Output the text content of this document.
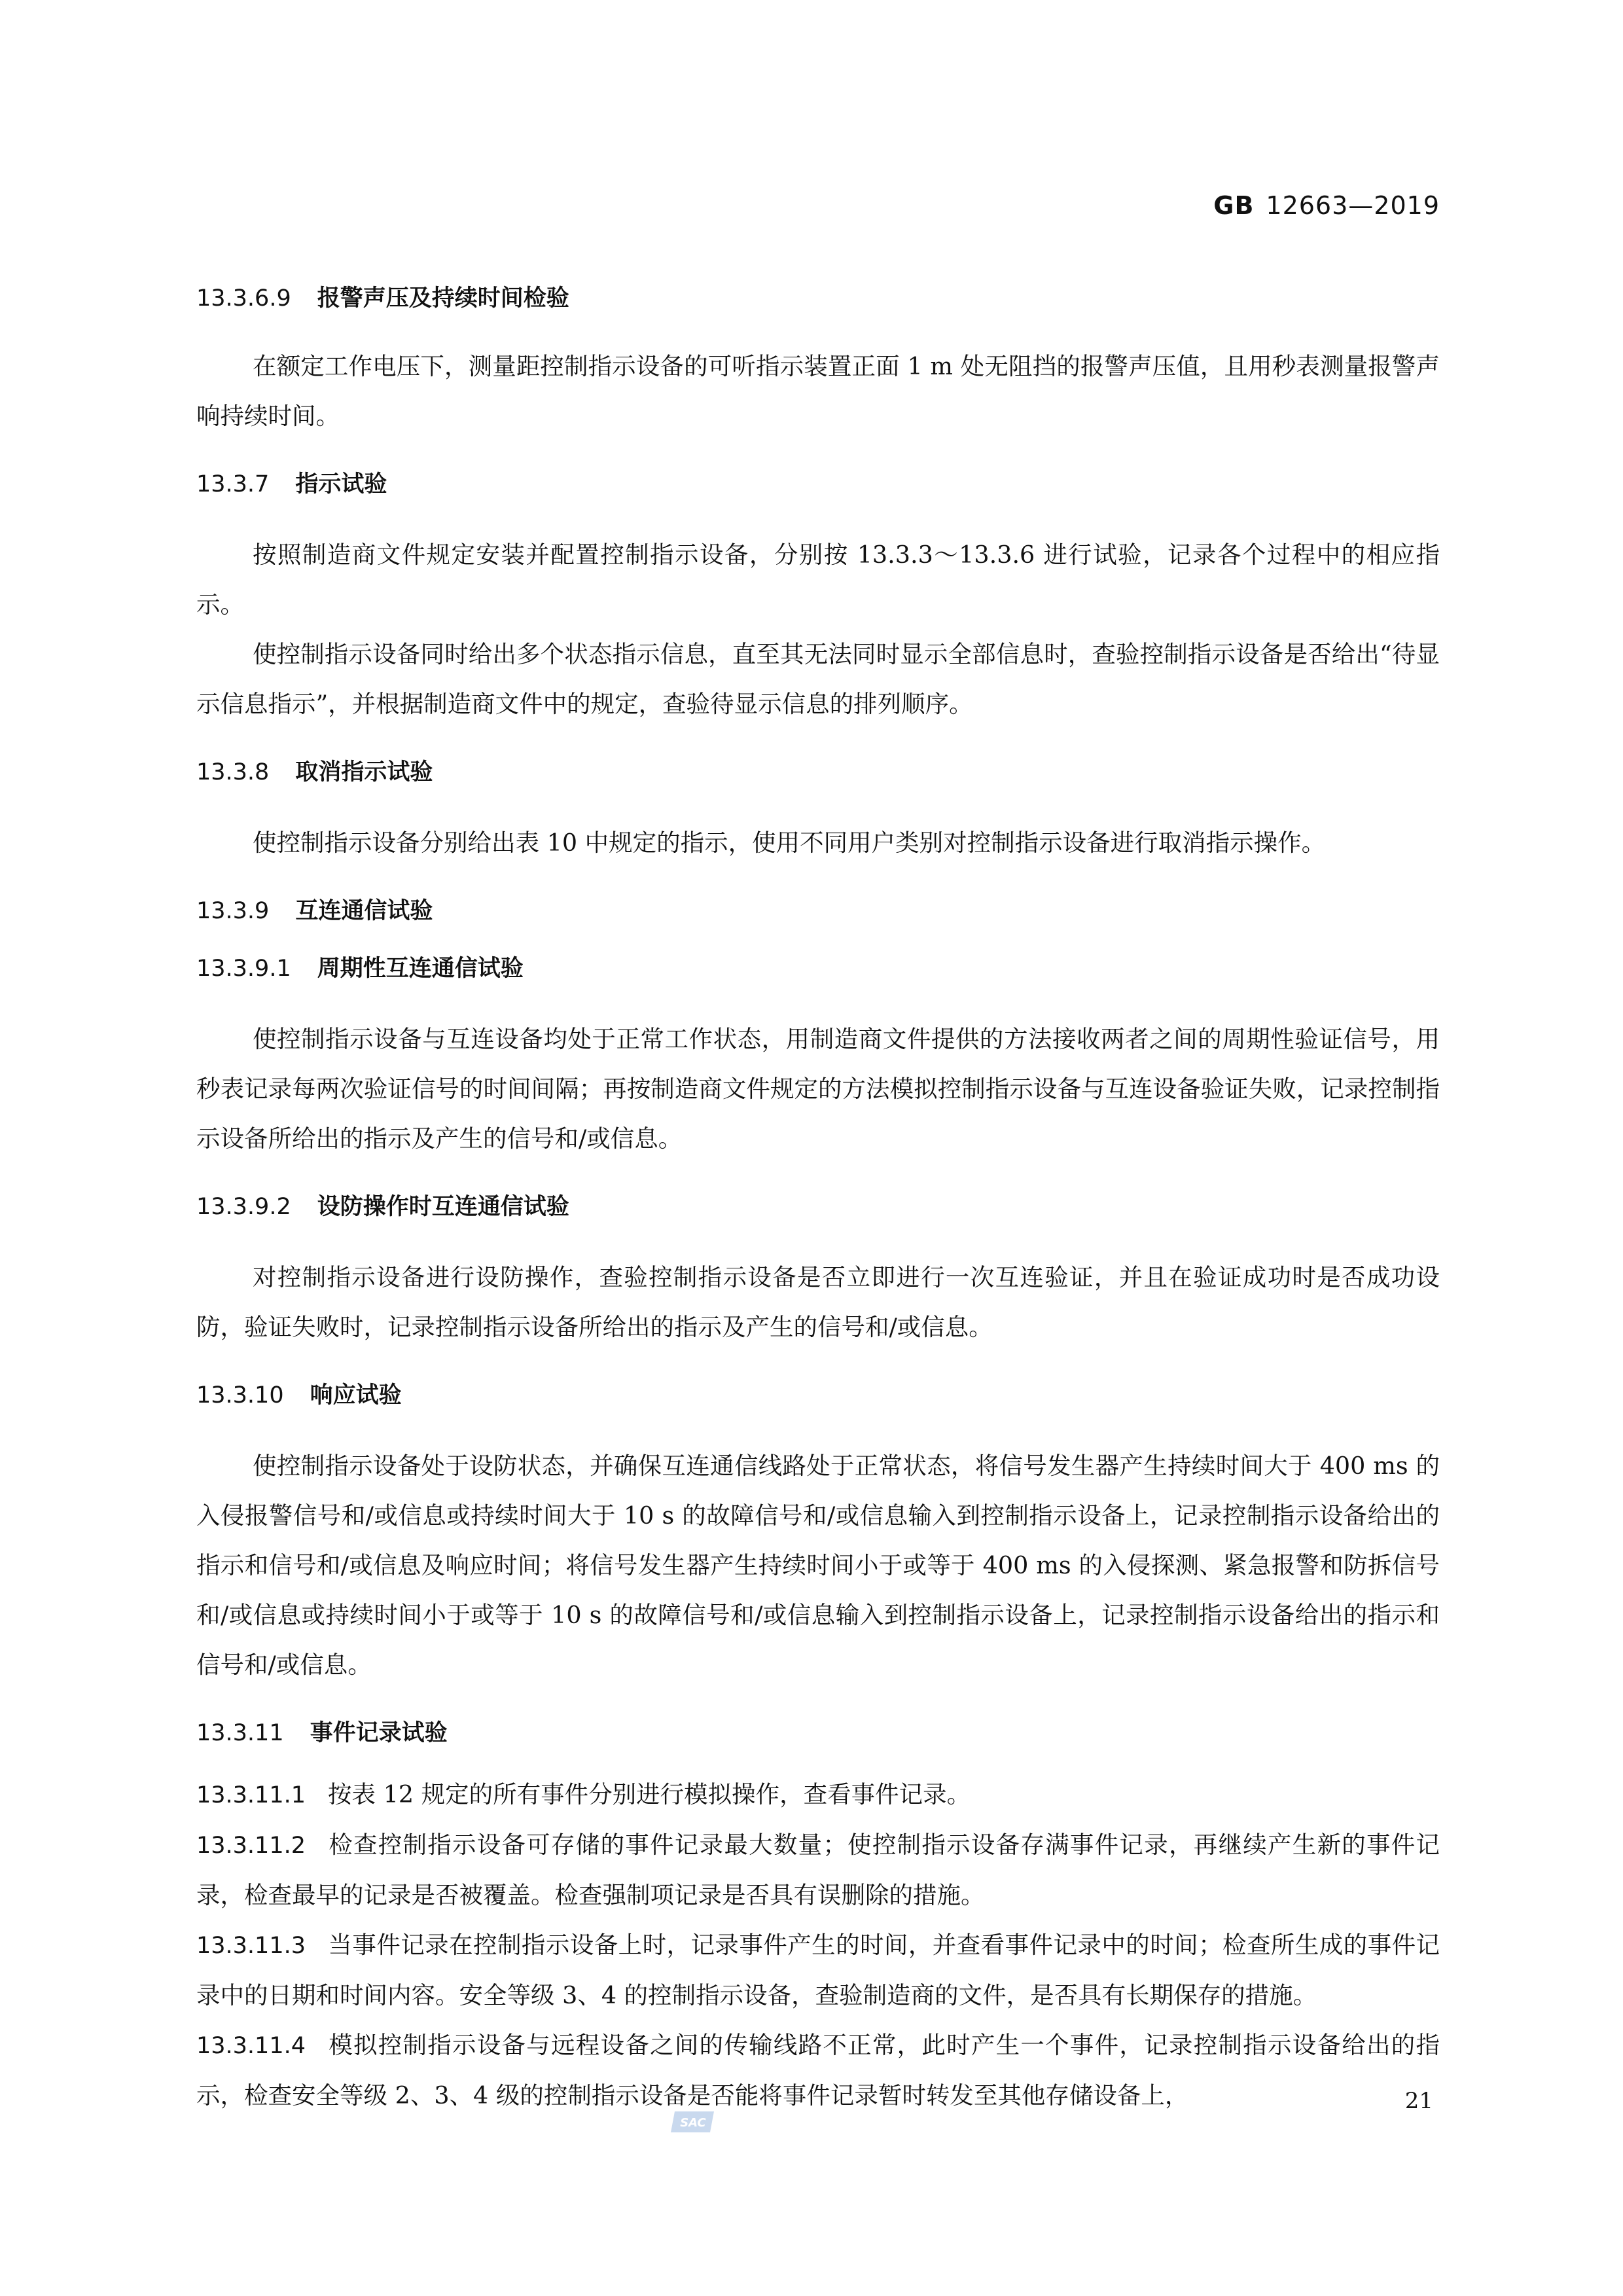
GB 12663—2019
13.3.6.9 报警声压及持续时间检验
在额定工作电压下，测量距控制指示设备的可听指示装置正面 1 m 处无阻挡的报警声压值，且用秒表测量报警声响持续时间。
13.3.7 指示试验
按照制造商文件规定安装并配置控制指示设备，分别按 13.3.3～13.3.6 进行试验，记录各个过程中的相应指示。
使控制指示设备同时给出多个状态指示信息，直至其无法同时显示全部信息时，查验控制指示设备是否给出“待显示信息指示”，并根据制造商文件中的规定，查验待显示信息的排列顺序。
13.3.8 取消指示试验
使控制指示设备分别给出表 10 中规定的指示，使用不同用户类别对控制指示设备进行取消指示操作。
13.3.9 互连通信试验
13.3.9.1 周期性互连通信试验
使控制指示设备与互连设备均处于正常工作状态，用制造商文件提供的方法接收两者之间的周期性验证信号，用秒表记录每两次验证信号的时间间隔；再按制造商文件规定的方法模拟控制指示设备与互连设备验证失败，记录控制指示设备所给出的指示及产生的信号和/或信息。
13.3.9.2 设防操作时互连通信试验
对控制指示设备进行设防操作，查验控制指示设备是否立即进行一次互连验证，并且在验证成功时是否成功设防，验证失败时，记录控制指示设备所给出的指示及产生的信号和/或信息。
13.3.10 响应试验
使控制指示设备处于设防状态，并确保互连通信线路处于正常状态，将信号发生器产生持续时间大于 400 ms 的入侵报警信号和/或信息或持续时间大于 10 s 的故障信号和/或信息输入到控制指示设备上，记录控制指示设备给出的指示和信号和/或信息及响应时间；将信号发生器产生持续时间小于或等于 400 ms 的入侵探测、紧急报警和防拆信号和/或信息或持续时间小于或等于 10 s 的故障信号和/或信息输入到控制指示设备上，记录控制指示设备给出的指示和信号和/或信息。
13.3.11 事件记录试验
13.3.11.1 按表 12 规定的所有事件分别进行模拟操作，查看事件记录。
13.3.11.2 检查控制指示设备可存储的事件记录最大数量；使控制指示设备存满事件记录，再继续产生新的事件记录，检查最早的记录是否被覆盖。检查强制项记录是否具有误删除的措施。
13.3.11.3 当事件记录在控制指示设备上时，记录事件产生的时间，并查看事件记录中的时间；检查所生成的事件记录中的日期和时间内容。安全等级 3、4 的控制指示设备，查验制造商的文件，是否具有长期保存的措施。
13.3.11.4 模拟控制指示设备与远程设备之间的传输线路不正常，此时产生一个事件，记录控制指示设备给出的指示，检查安全等级 2、3、4 级的控制指示设备是否能将事件记录暂时转发至其他存储设备上，	21
SAC
